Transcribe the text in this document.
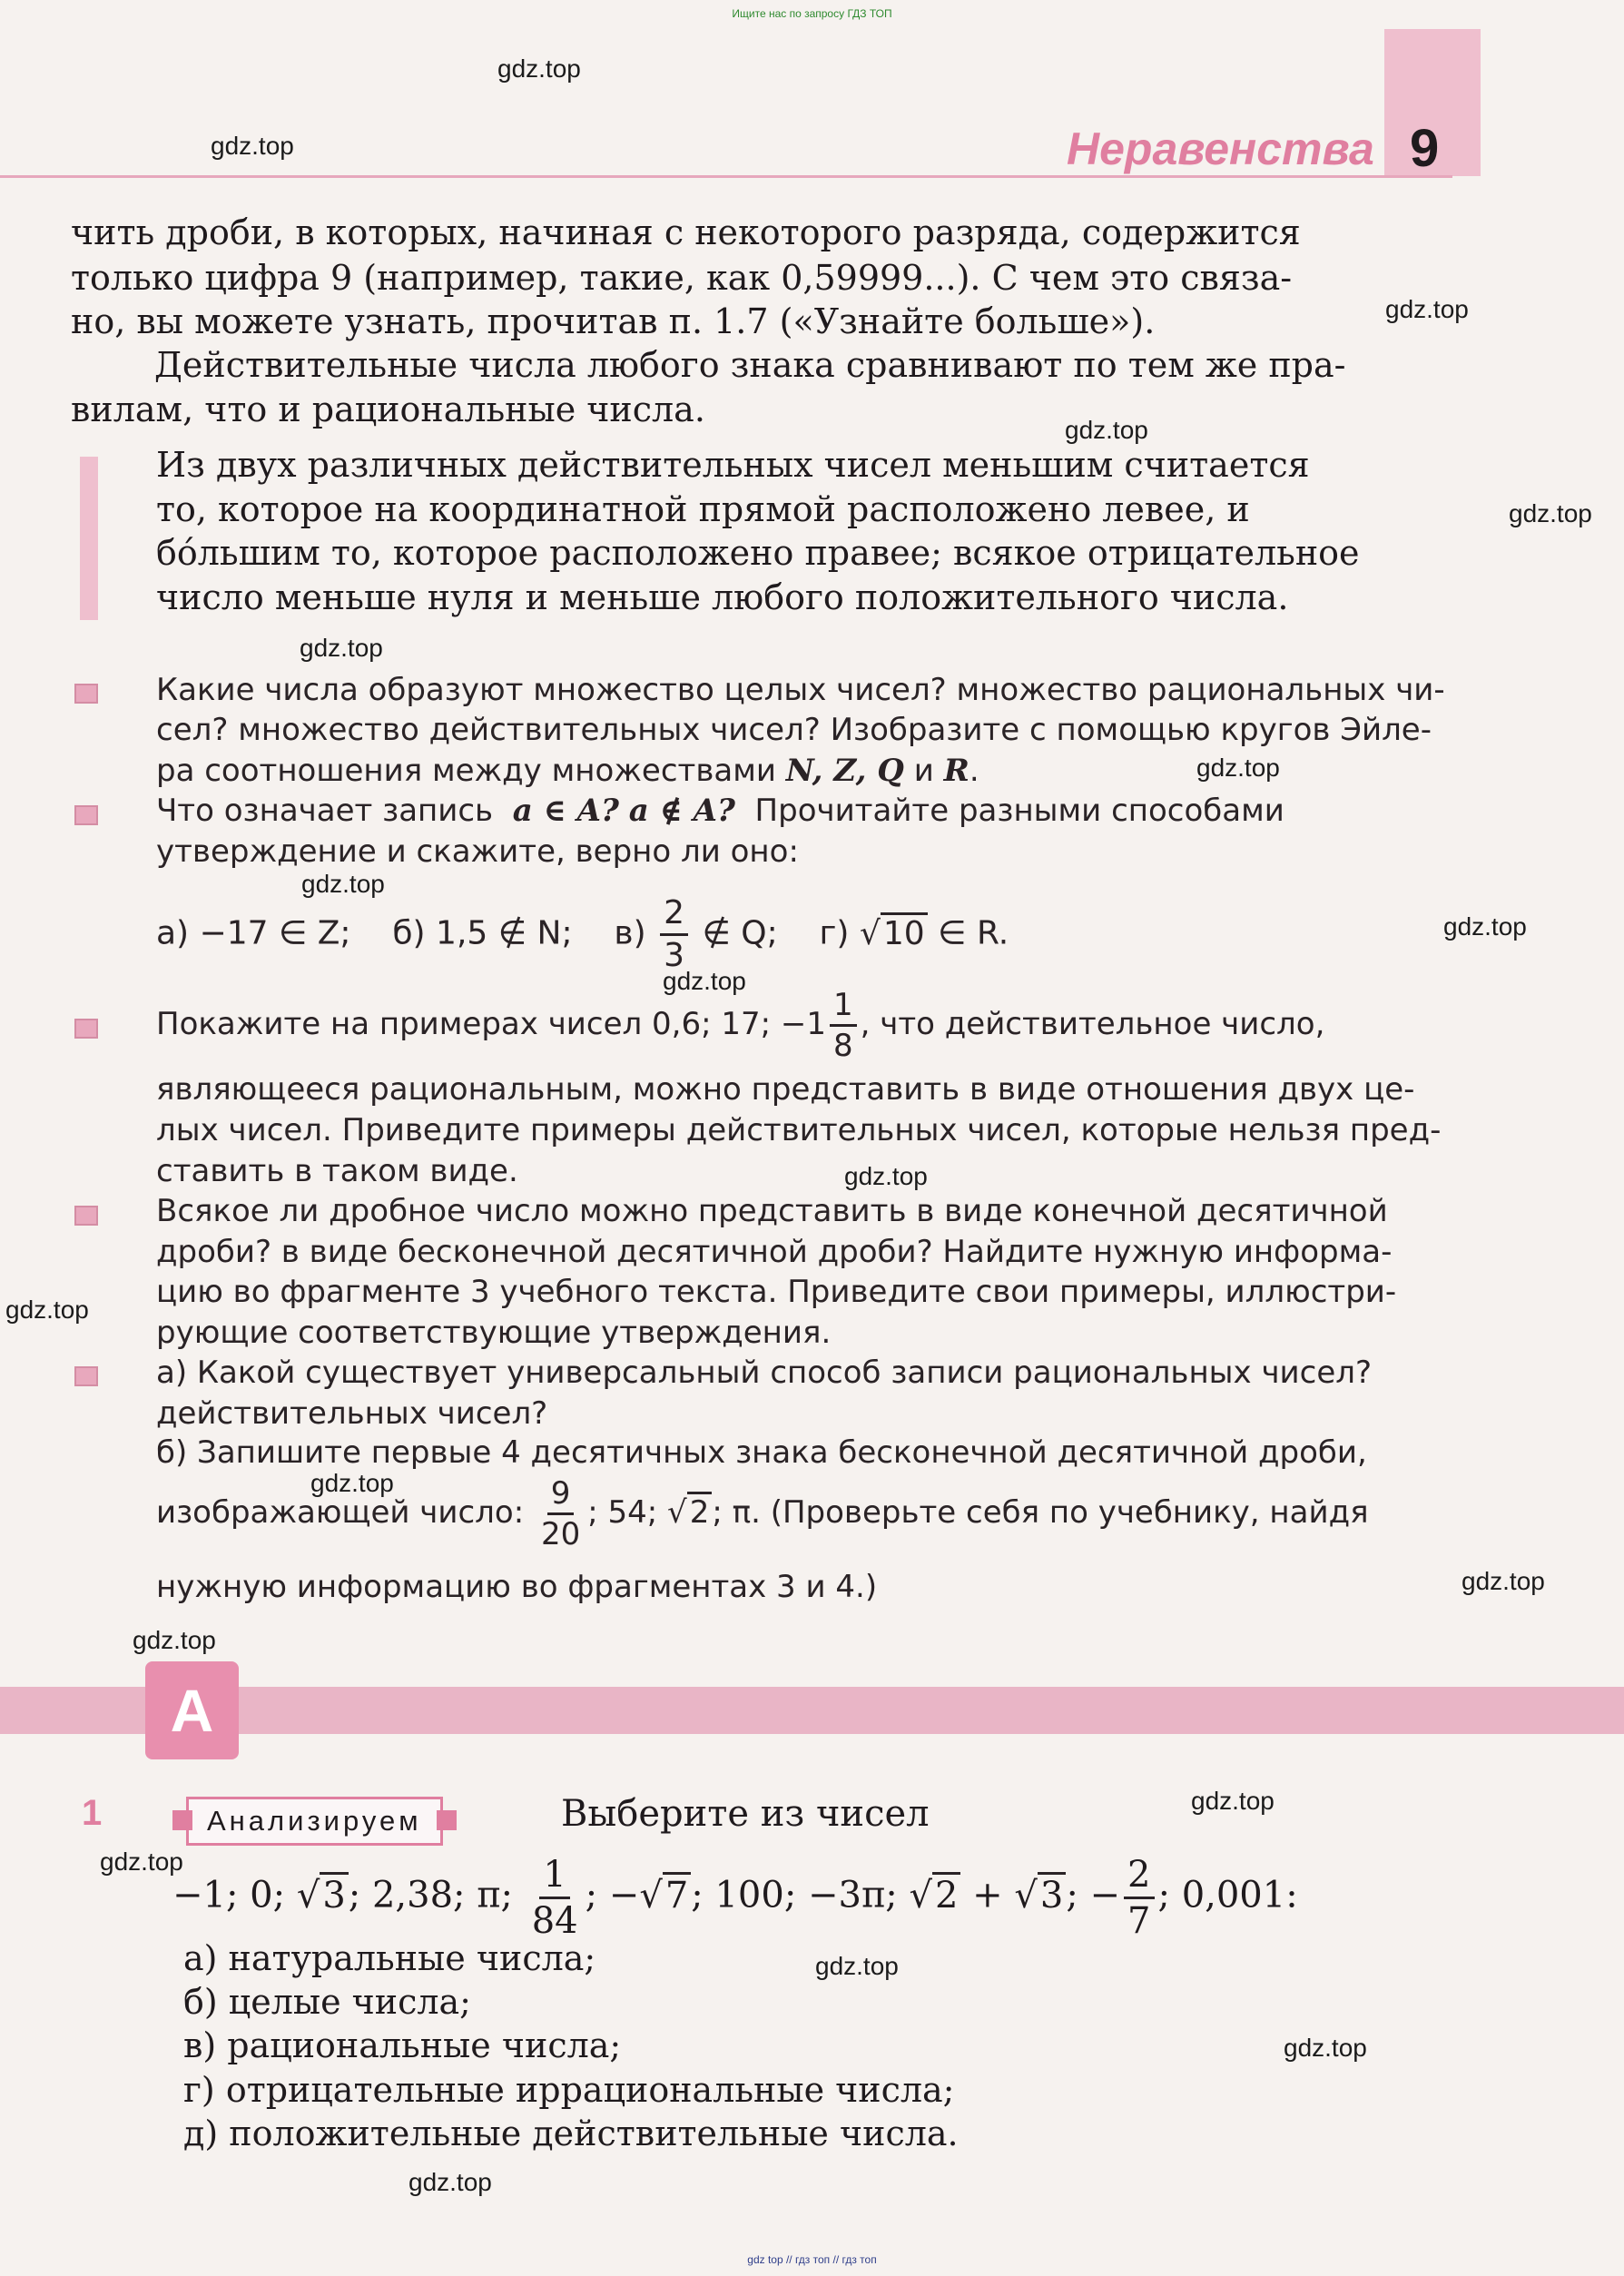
Ищите нас по запросу ГДЗ ТОП
Неравенства 9
gdz.top
gdz.top
gdz.top
gdz.top
gdz.top
gdz.top
gdz.top
gdz.top
gdz.top
gdz.top
gdz.top
gdz.top
gdz.top
gdz.top
gdz.top
gdz.top
gdz.top
gdz.top
gdz.top
gdz.top
чить дроби, в которых, начиная с некоторого разряда, содержится
только цифра 9 (например, такие, как 0,59999...). С чем это связа-
но, вы можете узнать, прочитав п. 1.7 («Узнайте больше»).
Действительные числа любого знака сравнивают по тем же пра-
вилам, что и рациональные числа.
Из двух различных действительных чисел меньшим считается
то, которое на координатной прямой расположено левее, и
бóльшим то, которое расположено правее; всякое отрицательное
число меньше нуля и меньше любого положительного числа.
Какие числа образуют множество целых чисел? множество рациональных чи-
сел? множество действительных чисел? Изобразите с помощью кругов Эйле-
ра соотношения между множествами N, Z, Q и R.
Что означает запись a ∈ A? a ∉ A? Прочитайте разными способами
утверждение и скажите, верно ли оно:
а) −17 ∈ Z; б) 1,5 ∉ N; $в) \frac{2}{3}$ ∉ Q; г) √10 ∈ R.
Покажите на примерах чисел 0,6; 17; $-1 \frac{1}{8}$ , что действительное число,
являющееся рациональным, можно представить в виде отношения двух це-
лых чисел. Приведите примеры действительных чисел, которые нельзя пред-
ставить в таком виде.
Всякое ли дробное число можно представить в виде конечной десятичной
дроби? в виде бесконечной десятичной дроби? Найдите нужную информа-
цию во фрагменте 3 учебного текста. Приведите свои примеры, иллюстри-
рующие соответствующие утверждения.
а) Какой существует универсальный способ записи рациональных чисел?
действительных чисел?
б) Запишите первые 4 десятичных знака бесконечной десятичной дроби,
изображающей число: $\frac{9}{20}$ ; 54; √2; π. (Проверьте себя по учебнику, найдя
нужную информацию во фрагментах 3 и 4.)
A
1	Анализируем	Выберите из чисел
−1; 0; √3; 2,38; π; $\frac{1}{84}$ ; −√7; 100; −3π; √2 + √3; − $\frac{2}{7}$ ; 0,001:
а) натуральные числа;
б) целые числа;
в) рациональные числа;
г) отрицательные иррациональные числа;
д) положительные действительные числа.
gdz top // гдз топ // гдз топ
